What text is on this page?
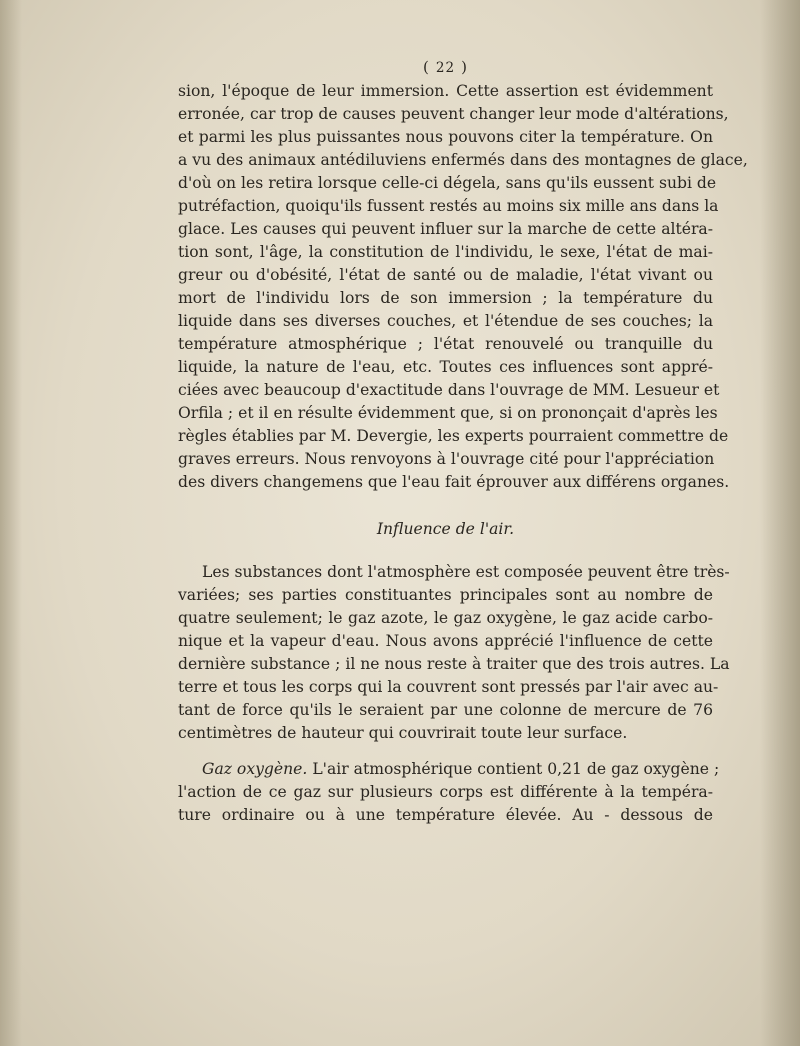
( 22 )

sion, l'époque de leur immersion. Cette assertion est évidemment
erronée, car trop de causes peuvent changer leur mode d'altérations,
et parmi les plus puissantes nous pouvons citer la température. On
a vu des animaux antédiluviens enfermés dans des montagnes de glace,
d'où on les retira lorsque celle-ci dégela, sans qu'ils eussent subi de
putréfaction, quoiqu'ils fussent restés au moins six mille ans dans la
glace. Les causes qui peuvent influer sur la marche de cette altéra-
tion sont, l'âge, la constitution de l'individu, le sexe, l'état de mai-
greur ou d'obésité, l'état de santé ou de maladie, l'état vivant ou
mort de l'individu lors de son immersion ; la température du
liquide dans ses diverses couches, et l'étendue de ses couches; la
température atmosphérique ; l'état renouvelé ou tranquille du
liquide, la nature de l'eau, etc. Toutes ces influences sont appré-
ciées avec beaucoup d'exactitude dans l'ouvrage de MM. Lesueur et
Orfila ; et il en résulte évidemment que, si on prononçait d'après les
règles établies par M. Devergie, les experts pourraient commettre de
graves erreurs. Nous renvoyons à l'ouvrage cité pour l'appréciation
des divers changemens que l'eau fait éprouver aux différens organes.

Influence de l'air.

Les substances dont l'atmosphère est composée peuvent être très-
variées; ses parties constituantes principales sont au nombre de
quatre seulement; le gaz azote, le gaz oxygène, le gaz acide carbo-
nique et la vapeur d'eau. Nous avons apprécié l'influence de cette
dernière substance ; il ne nous reste à traiter que des trois autres. La
terre et tous les corps qui la couvrent sont pressés par l'air avec au-
tant de force qu'ils le seraient par une colonne de mercure de 76
centimètres de hauteur qui couvrirait toute leur surface.

Gaz oxygène. L'air atmosphérique contient 0,21 de gaz oxygène ;
l'action de ce gaz sur plusieurs corps est différente à la tempéra-
ture ordinaire ou à une température élevée. Au - dessous de
